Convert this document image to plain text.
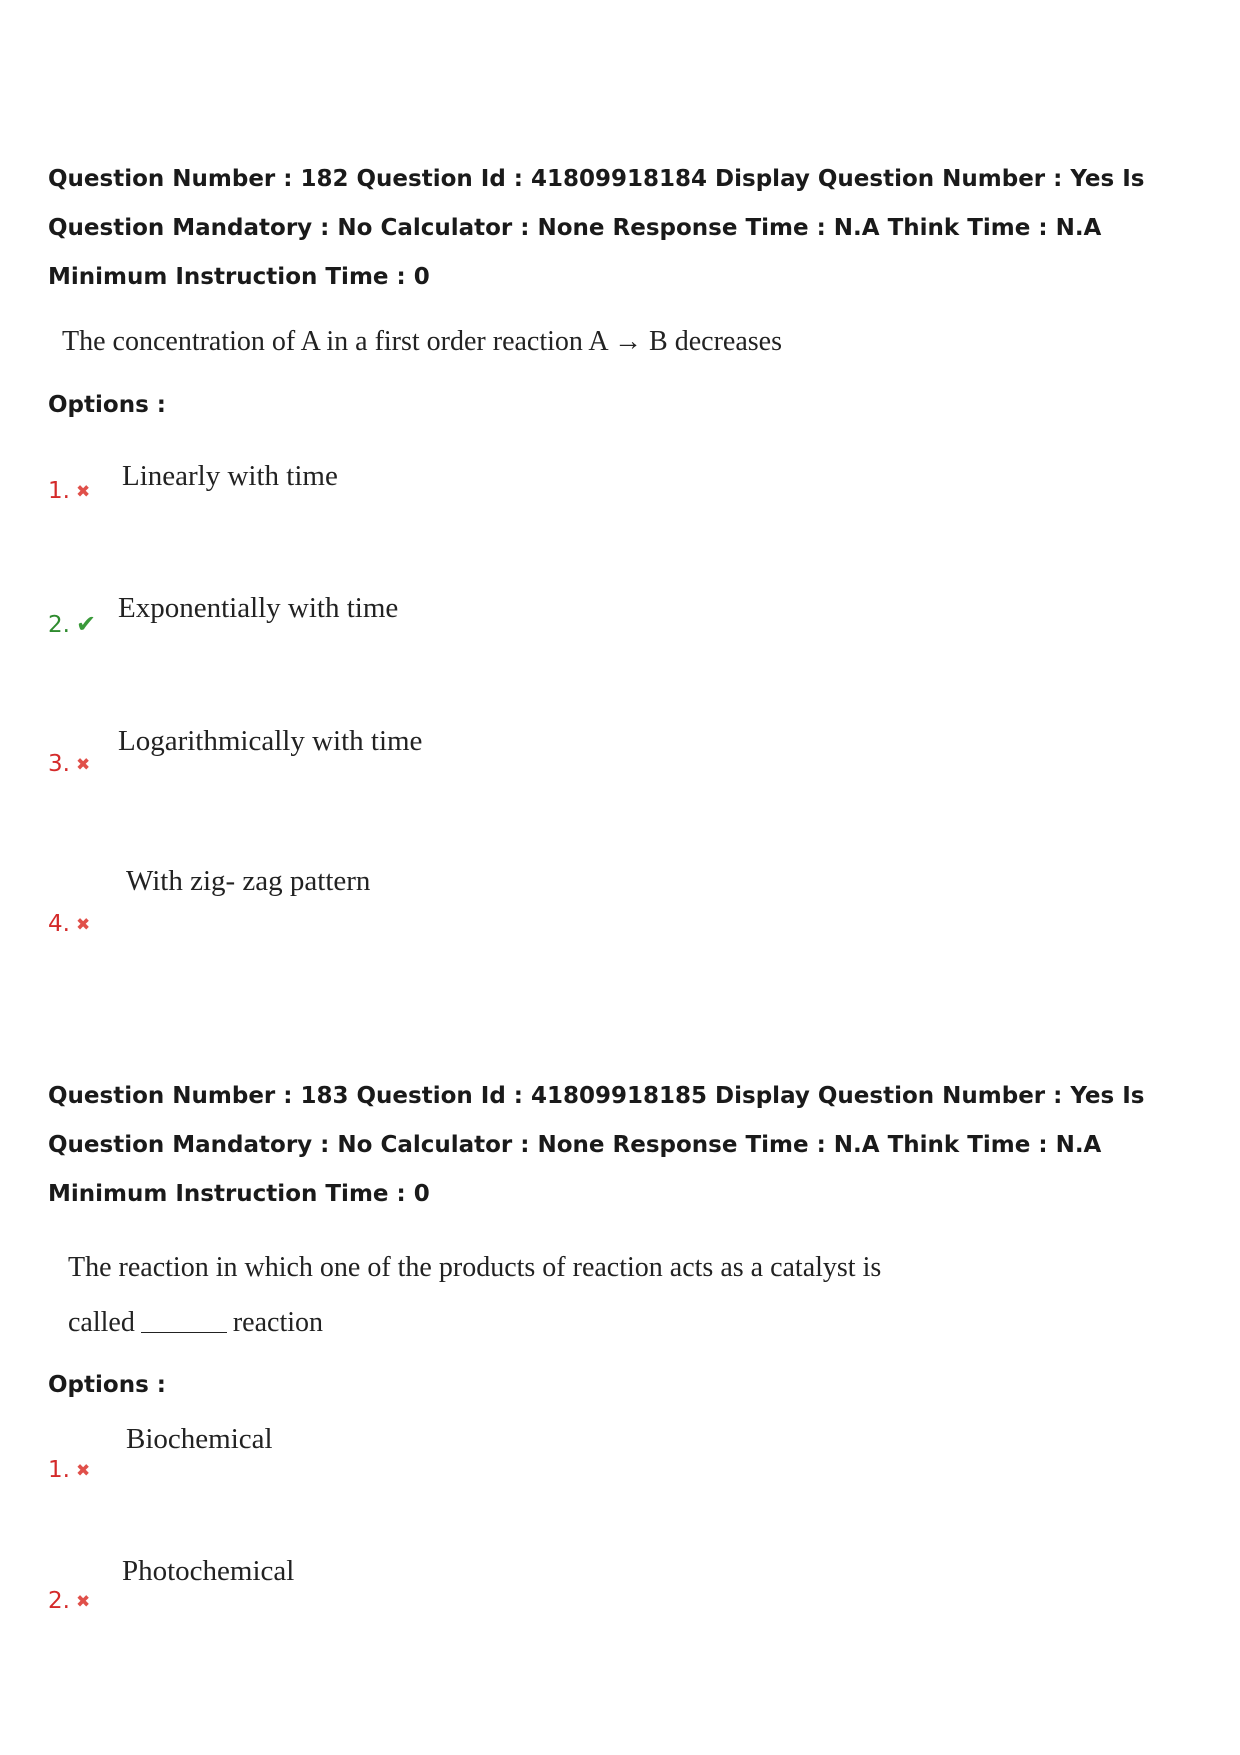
Question Number : 182 Question Id : 41809918184 Display Question Number : Yes Is Question Mandatory : No Calculator : None Response Time : N.A Think Time : N.A Minimum Instruction Time : 0

The concentration of A in a first order reaction A → B decreases
Options :
1. ✖ Linearly with time
2. ✔ Exponentially with time
3. ✖
Logarithmically with time
4. ✖
With zig- zag pattern

Question Number : 183 Question Id : 41809918185 Display Question Number : Yes Is Question Mandatory : No Calculator : None Response Time : N.A Think Time : N.A Minimum Instruction Time : 0

The reaction in which one of the products of reaction acts as a catalyst is
called	reaction
Options :
1. ✖
Biochemical
2. ✖
Photochemical
